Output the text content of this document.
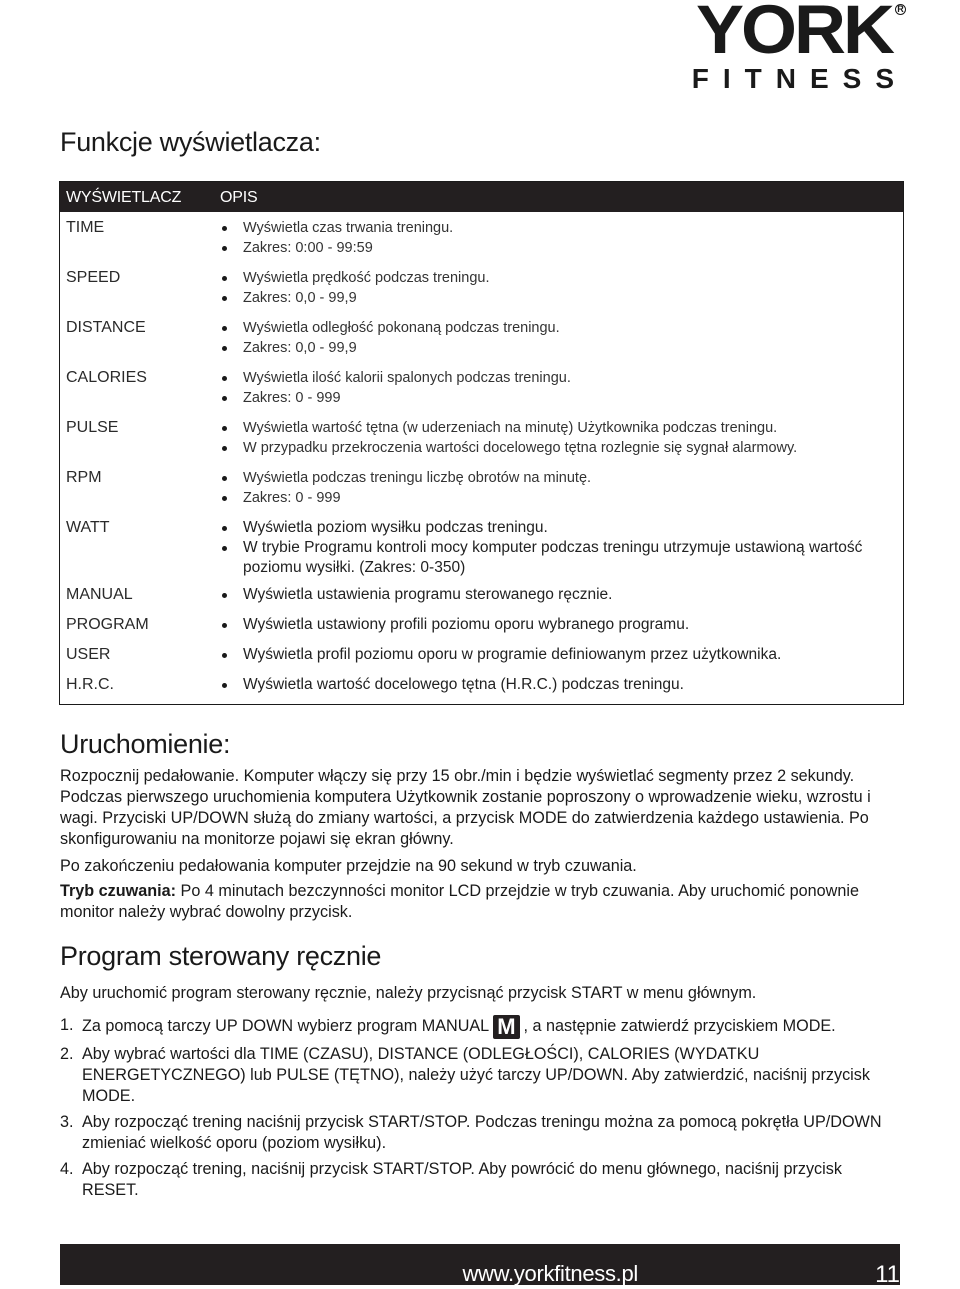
YORK R
FITNESS
Funkcje wyświetlacza:
WYŚWIETLACZ OPIS
TIME	Wyświetla czas trwania treningu.
Zakres: 0:00 - 99:59
SPEED	Wyświetla prędkość podczas treningu.
Zakres: 0,0 - 99,9
DISTANCE	Wyświetla odległość pokonaną podczas treningu.
Zakres: 0,0 - 99,9
CALORIES	Wyświetla ilość kalorii spalonych podczas treningu.
Zakres: 0 - 999
PULSE	Wyświetla wartość tętna (w uderzeniach na minutę) Użytkownika podczas treningu.
W przypadku przekroczenia wartości docelowego tętna rozlegnie się sygnał alarmowy.
RPM	Wyświetla podczas treningu liczbę obrotów na minutę.
Zakres: 0 - 999
WATT	Wyświetla poziom wysiłku podczas treningu.
W trybie Programu kontroli mocy komputer podczas treningu utrzymuje ustawioną wartość poziomu wysiłki. (Zakres: 0-350)
MANUAL	Wyświetla ustawienia programu sterowanego ręcznie.
PROGRAM	Wyświetla ustawiony profili poziomu oporu wybranego programu.
USER	Wyświetla profil poziomu oporu w programie definiowanym przez użytkownika.
H.R.C.	Wyświetla wartość docelowego tętna (H.R.C.) podczas treningu.
Uruchomienie:
Rozpocznij pedałowanie. Komputer włączy się przy 15 obr./min i będzie wyświetlać segmenty przez 2 sekundy. Podczas pierwszego uruchomienia komputera Użytkownik zostanie poproszony o wprowadzenie wieku, wzrostu i wagi. Przyciski UP/DOWN służą do zmiany wartości, a przycisk MODE do zatwierdzenia każdego ustawienia. Po skonfigurowaniu na monitorze pojawi się ekran główny.
Po zakończeniu pedałowania komputer przejdzie na 90 sekund w tryb czuwania.
Tryb czuwania: Po 4 minutach bezczynności monitor LCD przejdzie w tryb czuwania. Aby uruchomić ponownie monitor należy wybrać dowolny przycisk.
Program sterowany ręcznie
Aby uruchomić program sterowany ręcznie, należy przycisnąć przycisk START w menu głównym.
1. Za pomocą tarczy UP DOWN wybierz program MANUAL M , a następnie zatwierdź przyciskiem MODE.
2. Aby wybrać wartości dla TIME (CZASU), DISTANCE (ODLEGŁOŚCI), CALORIES (WYDATKU ENERGETYCZNEGO) lub PULSE (TĘTNO), należy użyć tarczy UP/DOWN. Aby zatwierdzić, naciśnij przycisk MODE.
3. Aby rozpocząć trening naciśnij przycisk START/STOP. Podczas treningu można za pomocą pokrętła UP/DOWN zmieniać wielkość oporu (poziom wysiłku).
4. Aby rozpocząć trening, naciśnij przycisk START/STOP. Aby powrócić do menu głównego, naciśnij przycisk RESET.
www.yorkfitness.pl	11
